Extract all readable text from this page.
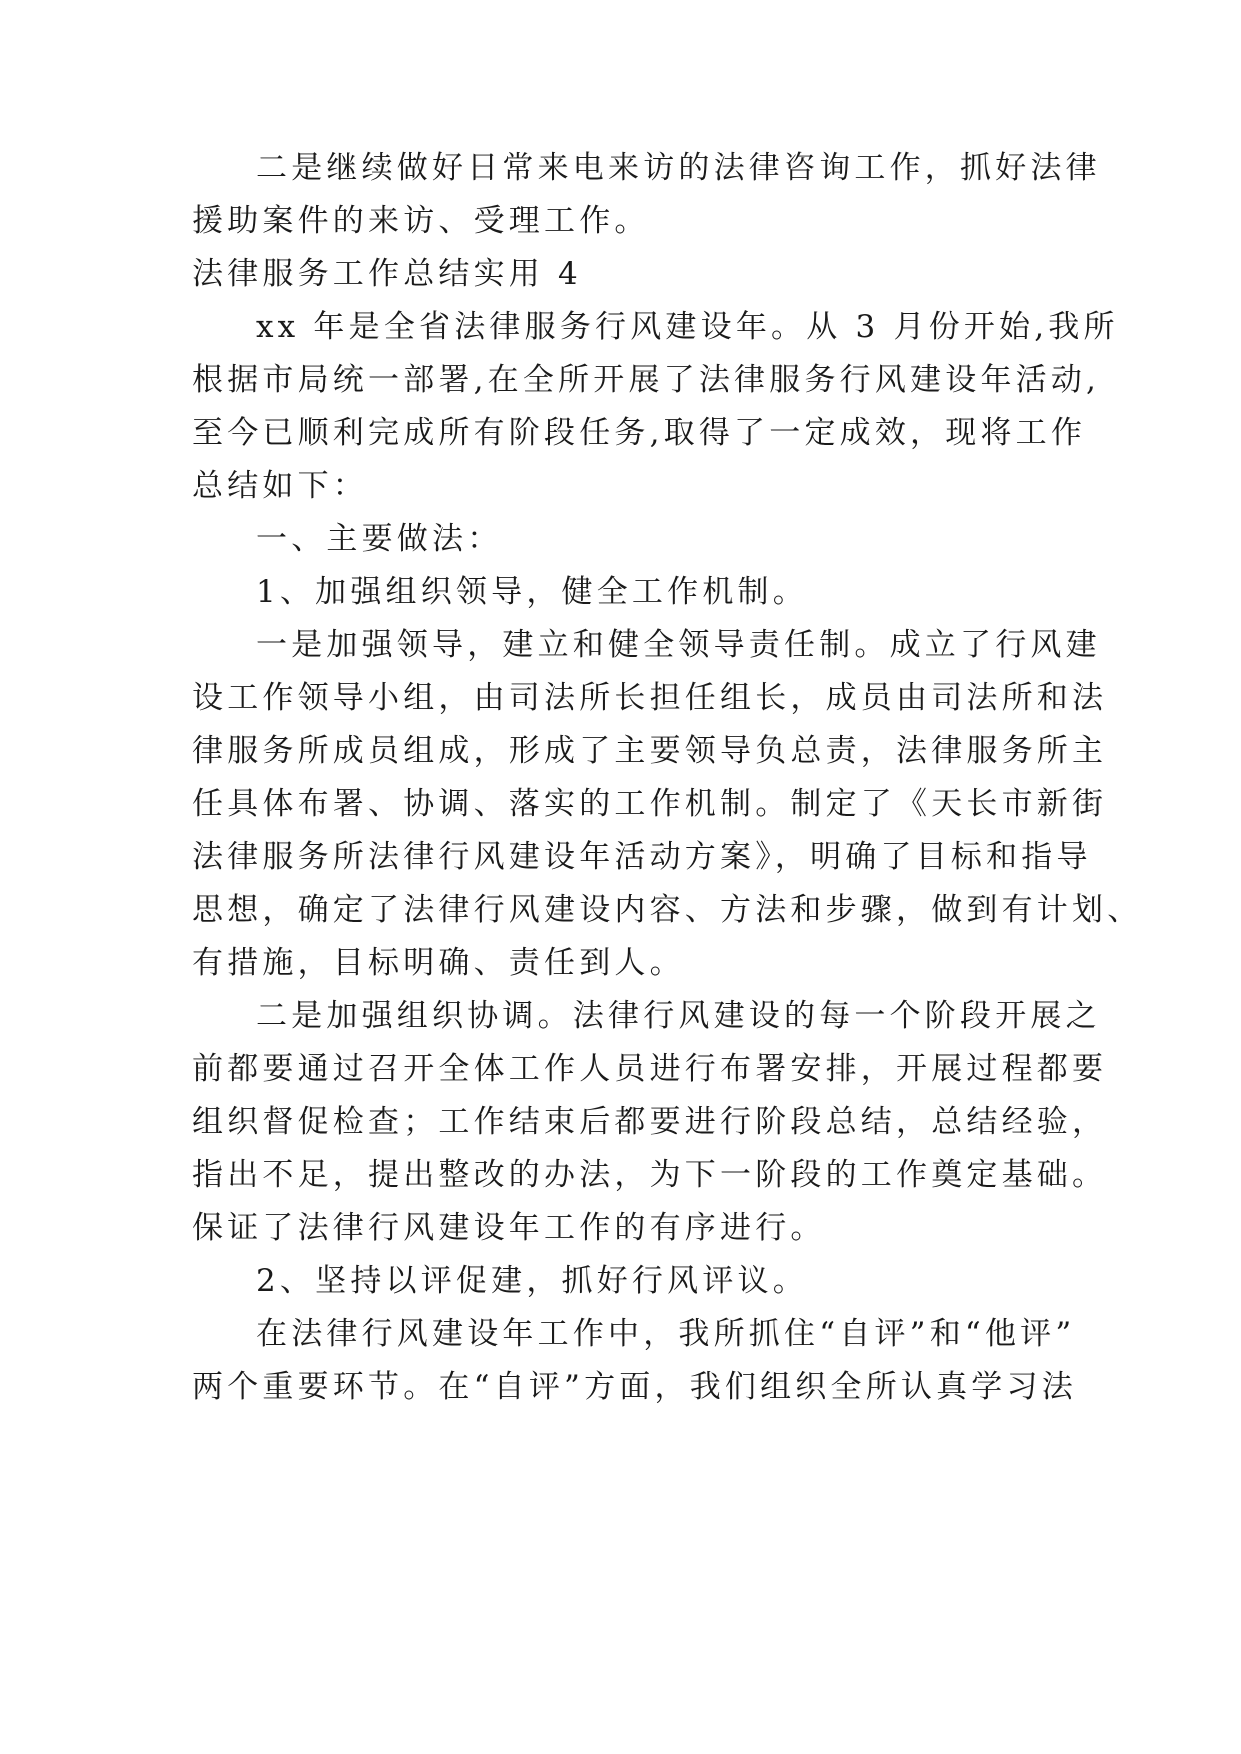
二是继续做好日常来电来访的法律咨询工作，抓好法律
援助案件的来访、受理工作。
法律服务工作总结实用 4
xx 年是全省法律服务行风建设年。从 3 月份开始,我所
根据市局统一部署,在全所开展了法律服务行风建设年活动,
至今已顺利完成所有阶段任务,取得了一定成效，现将工作
总结如下：
一、主要做法：
1、加强组织领导，健全工作机制。
一是加强领导，建立和健全领导责任制。成立了行风建
设工作领导小组，由司法所长担任组长，成员由司法所和法
律服务所成员组成，形成了主要领导负总责，法律服务所主
任具体布署、协调、落实的工作机制。制定了《天长市新街
法律服务所法律行风建设年活动方案》，明确了目标和指导
思想，确定了法律行风建设内容、方法和步骤，做到有计划、
有措施，目标明确、责任到人。
二是加强组织协调。法律行风建设的每一个阶段开展之
前都要通过召开全体工作人员进行布署安排，开展过程都要
组织督促检查；工作结束后都要进行阶段总结，总结经验，
指出不足，提出整改的办法，为下一阶段的工作奠定基础。
保证了法律行风建设年工作的有序进行。
2、坚持以评促建，抓好行风评议。
在法律行风建设年工作中，我所抓住“自评”和“他评”
两个重要环节。在“自评”方面，我们组织全所认真学习法
